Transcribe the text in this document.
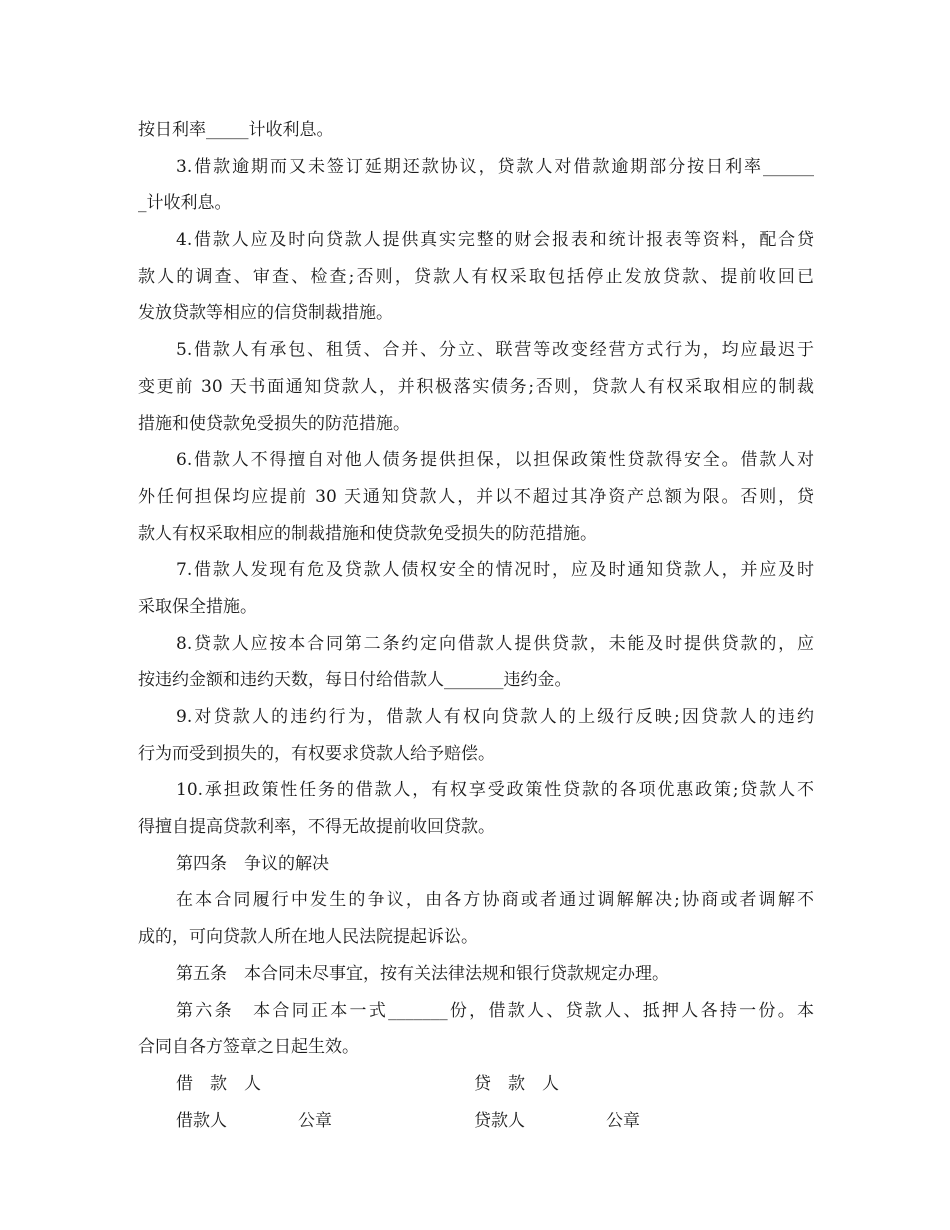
按日利率_____计收利息。
3.借款逾期而又未签订延期还款协议，贷款人对借款逾期部分按日利率______
_计收利息。
4.借款人应及时向贷款人提供真实完整的财会报表和统计报表等资料，配合贷
款人的调查、审查、检查;否则，贷款人有权采取包括停止发放贷款、提前收回已
发放贷款等相应的信贷制裁措施。
5.借款人有承包、租赁、合并、分立、联营等改变经营方式行为，均应最迟于
变更前 30 天书面通知贷款人，并积极落实债务;否则，贷款人有权采取相应的制裁
措施和使贷款免受损失的防范措施。
6.借款人不得擅自对他人债务提供担保，以担保政策性贷款得安全。借款人对
外任何担保均应提前 30 天通知贷款人，并以不超过其净资产总额为限。否则，贷
款人有权采取相应的制裁措施和使贷款免受损失的防范措施。
7.借款人发现有危及贷款人债权安全的情况时，应及时通知贷款人，并应及时
采取保全措施。
8.贷款人应按本合同第二条约定向借款人提供贷款，未能及时提供贷款的，应
按违约金额和违约天数，每日付给借款人_______违约金。
9.对贷款人的违约行为，借款人有权向贷款人的上级行反映;因贷款人的违约
行为而受到损失的，有权要求贷款人给予赔偿。
10.承担政策性任务的借款人，有权享受政策性贷款的各项优惠政策;贷款人不
得擅自提高贷款利率，不得无故提前收回贷款。
第四条　争议的解决
在本合同履行中发生的争议，由各方协商或者通过调解解决;协商或者调解不
成的，可向贷款人所在地人民法院提起诉讼。
第五条　本合同未尽事宜，按有关法律法规和银行贷款规定办理。
第六条　本合同正本一式_______份，借款人、贷款人、抵押人各持一份。本
合同自各方签章之日起生效。
借　款　人	贷　款　人
借款人	公章	贷款人	公章
